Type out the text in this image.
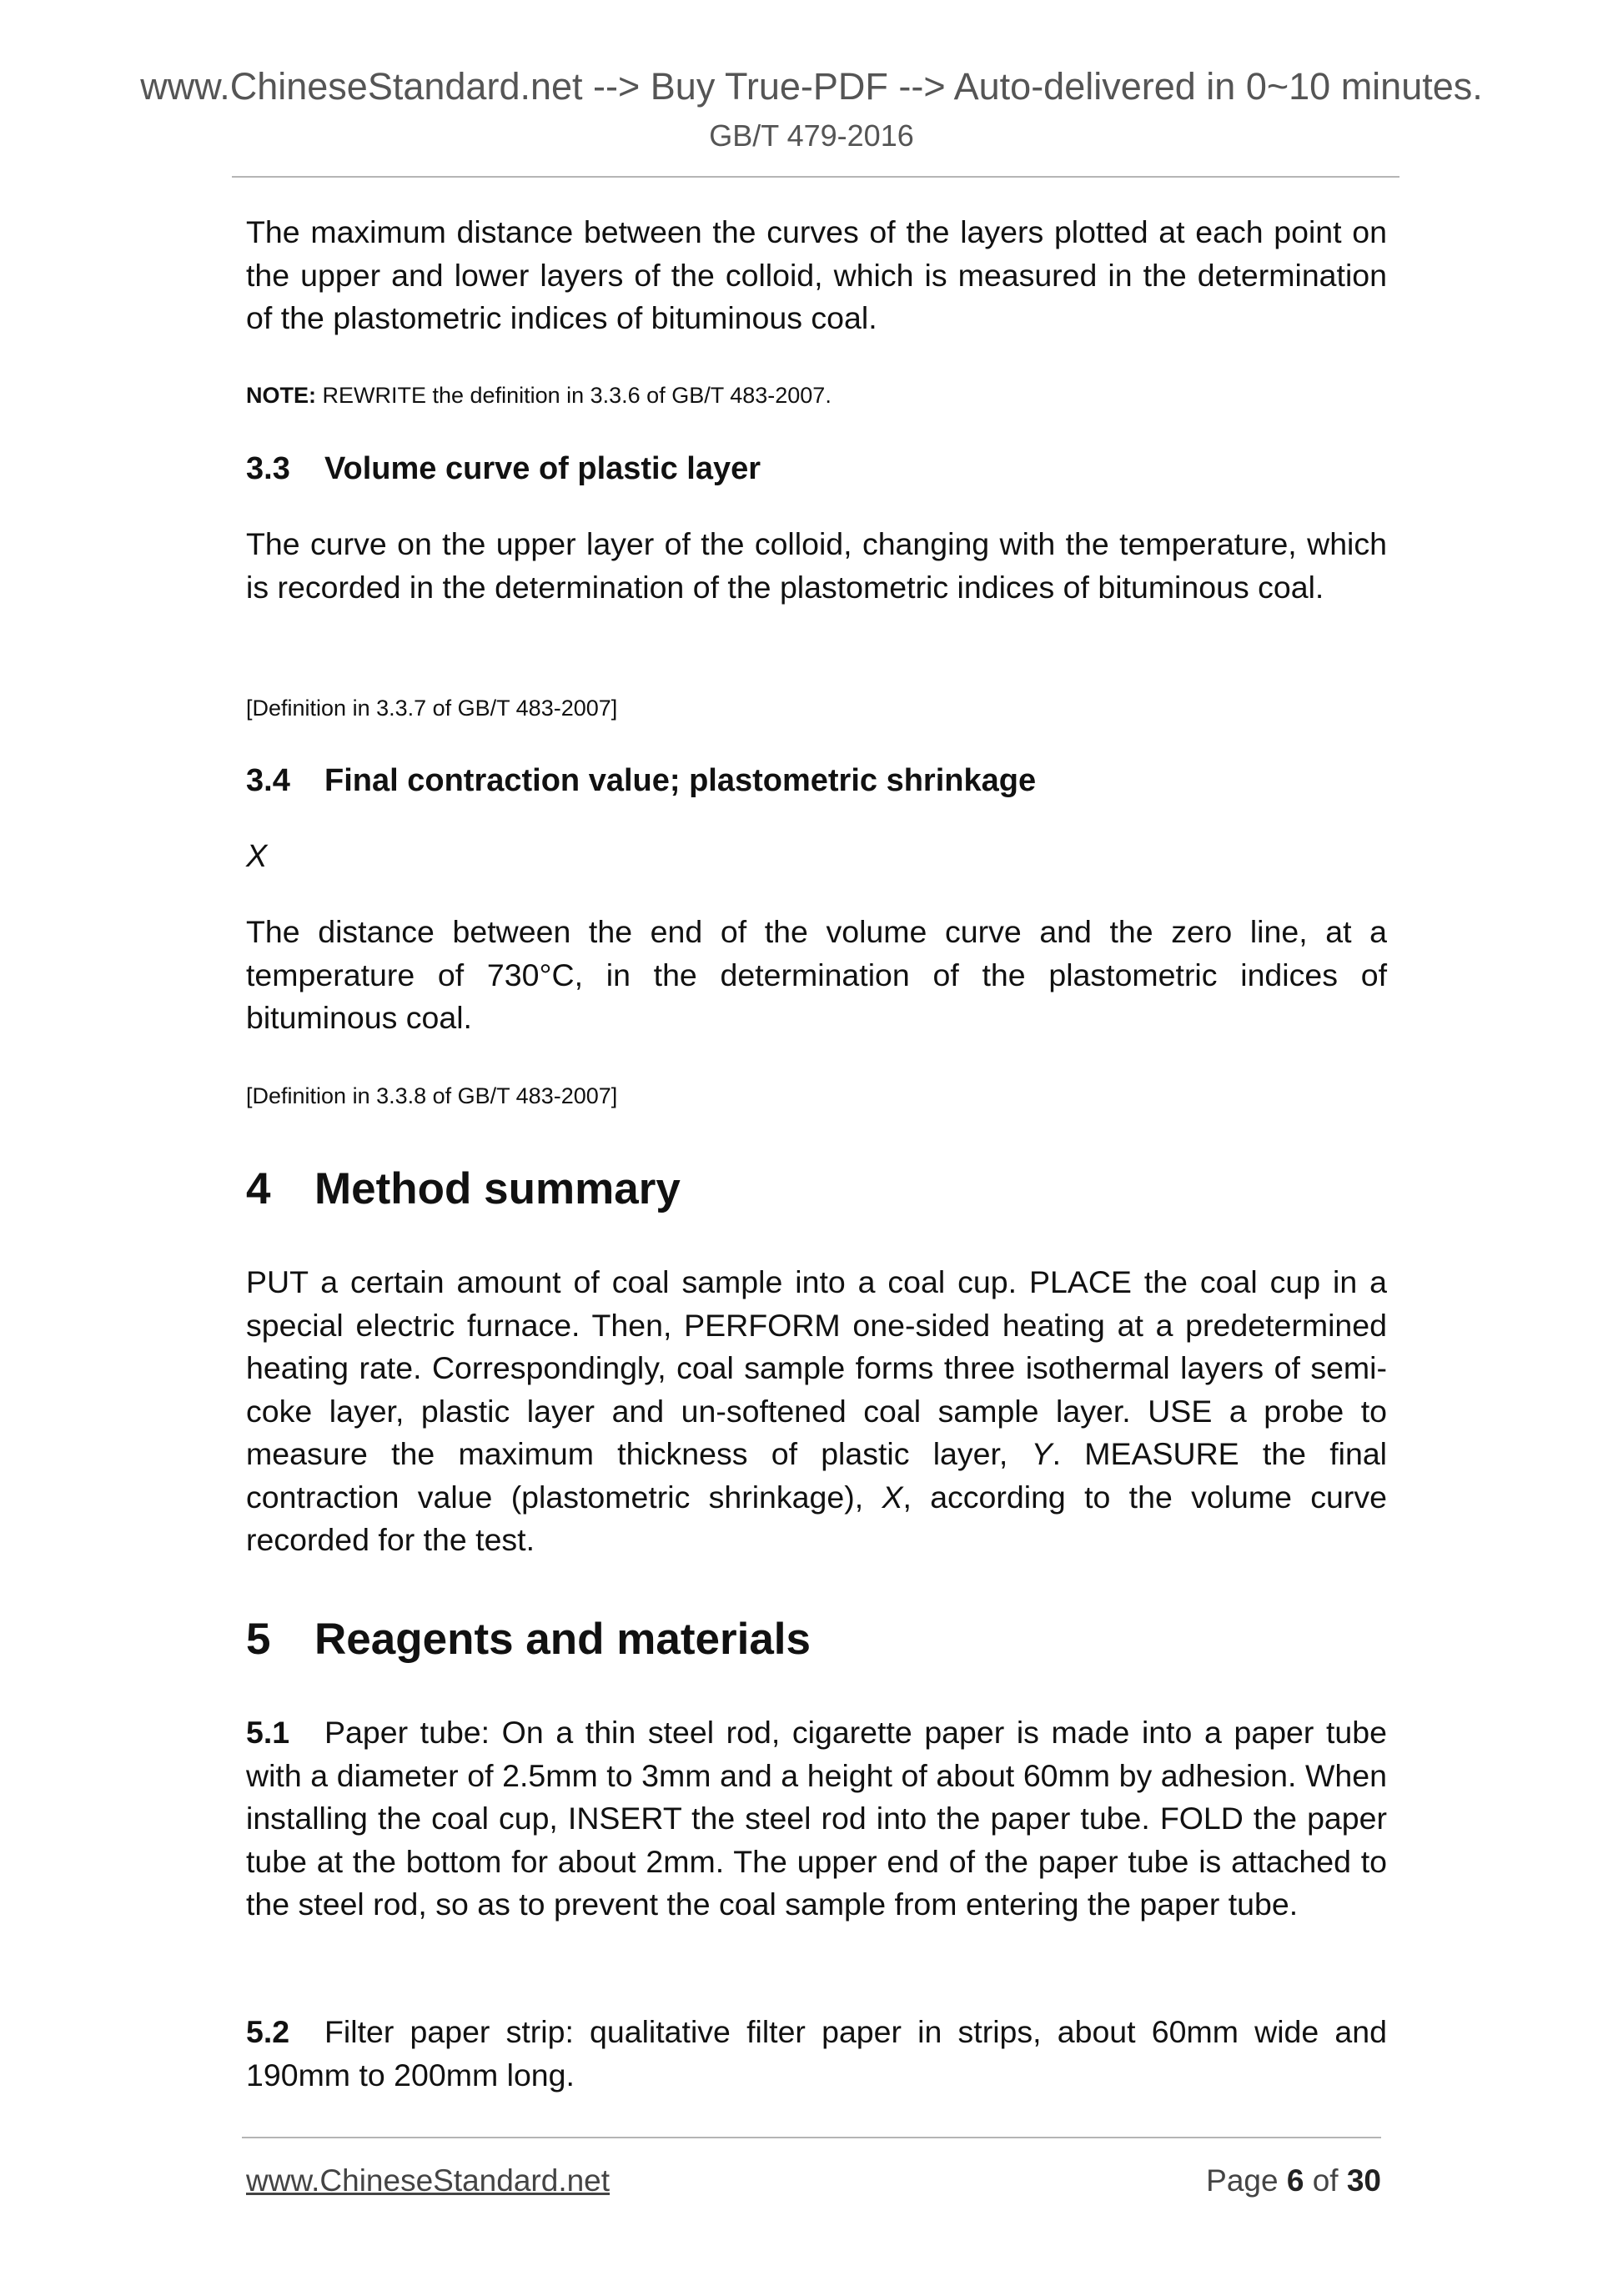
www.ChineseStandard.net --> Buy True-PDF --> Auto-delivered in 0~10 minutes.
GB/T 479-2016

The maximum distance between the curves of the layers plotted at each point on the upper and lower layers of the colloid, which is measured in the determination of the plastometric indices of bituminous coal.

NOTE: REWRITE the definition in 3.3.6 of GB/T 483-2007.
3.3 Volume curve of plastic layer

The curve on the upper layer of the colloid, changing with the temperature, which is recorded in the determination of the plastometric indices of bituminous coal.

[Definition in 3.3.7 of GB/T 483-2007]
3.4 Final contraction value; plastometric shrinkage
X

The distance between the end of the volume curve and the zero line, at a temperature of 730°C, in the determination of the plastometric indices of bituminous coal.

[Definition in 3.3.8 of GB/T 483-2007]
4 Method summary

PUT a certain amount of coal sample into a coal cup. PLACE the coal cup in a special electric furnace. Then, PERFORM one-sided heating at a predetermined heating rate. Correspondingly, coal sample forms three isothermal layers of semi-coke layer, plastic layer and un-softened coal sample layer. USE a probe to measure the maximum thickness of plastic layer, Y. MEASURE the final contraction value (plastometric shrinkage), X, according to the volume curve recorded for the test.

5 Reagents and materials

5.1 Paper tube: On a thin steel rod, cigarette paper is made into a paper tube with a diameter of 2.5mm to 3mm and a height of about 60mm by adhesion. When installing the coal cup, INSERT the steel rod into the paper tube. FOLD the paper tube at the bottom for about 2mm. The upper end of the paper tube is attached to the steel rod, so as to prevent the coal sample from entering the paper tube.

5.2 Filter paper strip: qualitative filter paper in strips, about 60mm wide and 190mm to 200mm long.

www.ChineseStandard.net	Page 6 of 30
